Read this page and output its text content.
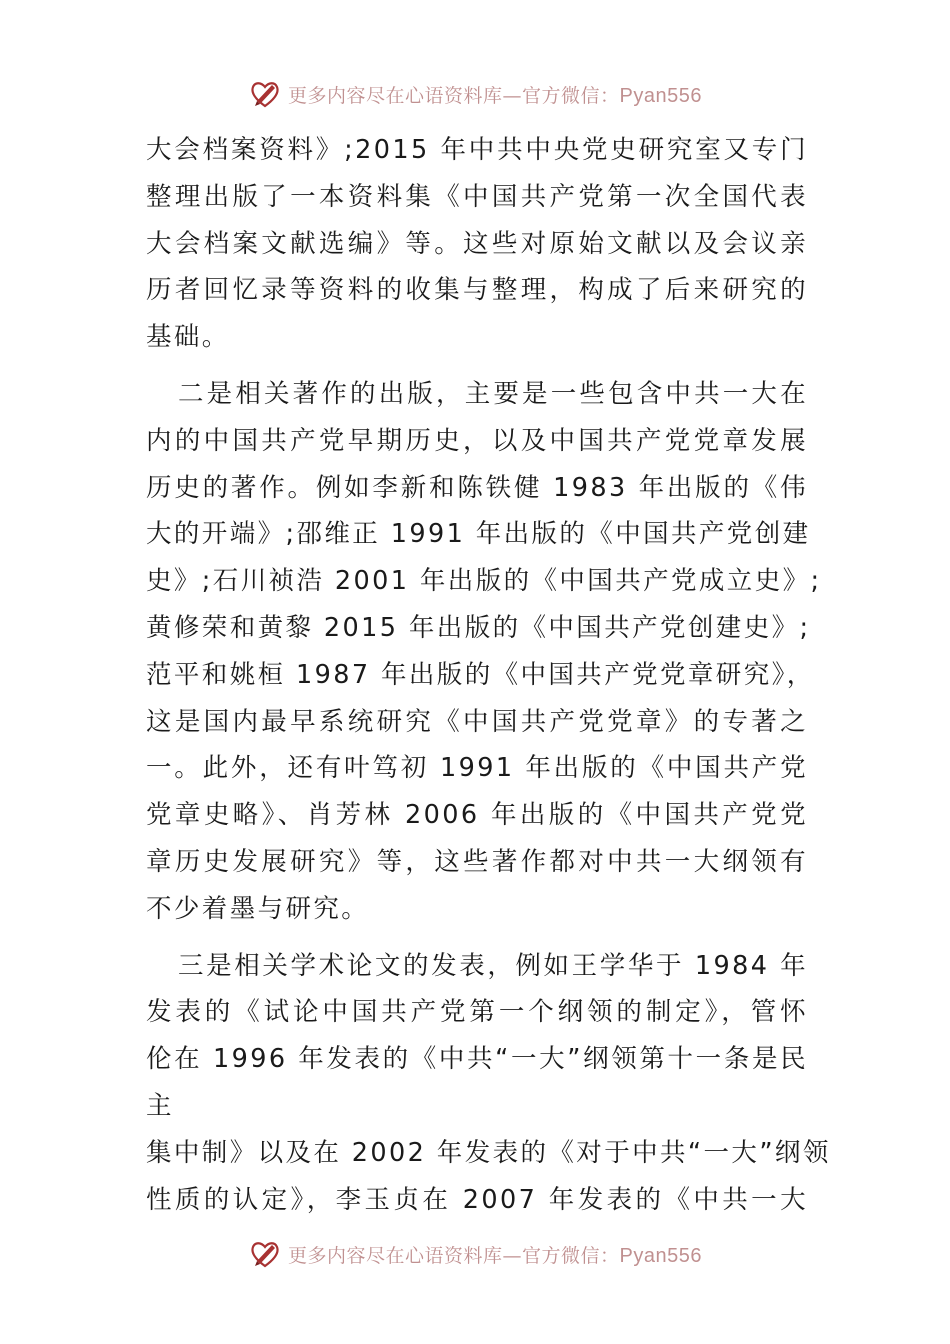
更多内容尽在心语资料库—官方微信：Pyan556
大会档案资料》;2015 年中共中央党史研究室又专门
整理出版了一本资料集《中国共产党第一次全国代表
大会档案文献选编》等。这些对原始文献以及会议亲
历者回忆录等资料的收集与整理，构成了后来研究的
基础。
二是相关著作的出版，主要是一些包含中共一大在
内的中国共产党早期历史，以及中国共产党党章发展
历史的著作。例如李新和陈铁健 1983 年出版的《伟
大的开端》;邵维正 1991 年出版的《中国共产党创建
史》;石川祯浩 2001 年出版的《中国共产党成立史》;
黄修荣和黄黎 2015 年出版的《中国共产党创建史》;
范平和姚桓 1987 年出版的《中国共产党党章研究》，
这是国内最早系统研究《中国共产党党章》的专著之
一。此外，还有叶笃初 1991 年出版的《中国共产党
党章史略》、肖芳林 2006 年出版的《中国共产党党
章历史发展研究》等，这些著作都对中共一大纲领有
不少着墨与研究。
三是相关学术论文的发表，例如王学华于 1984 年
发表的《试论中国共产党第一个纲领的制定》，管怀
伦在 1996 年发表的《中共“一大”纲领第十一条是民
主
集中制》以及在 2002 年发表的《对于中共“一大”纲领
性质的认定》，李玉贞在 2007 年发表的《中共一大
更多内容尽在心语资料库—官方微信：Pyan556
